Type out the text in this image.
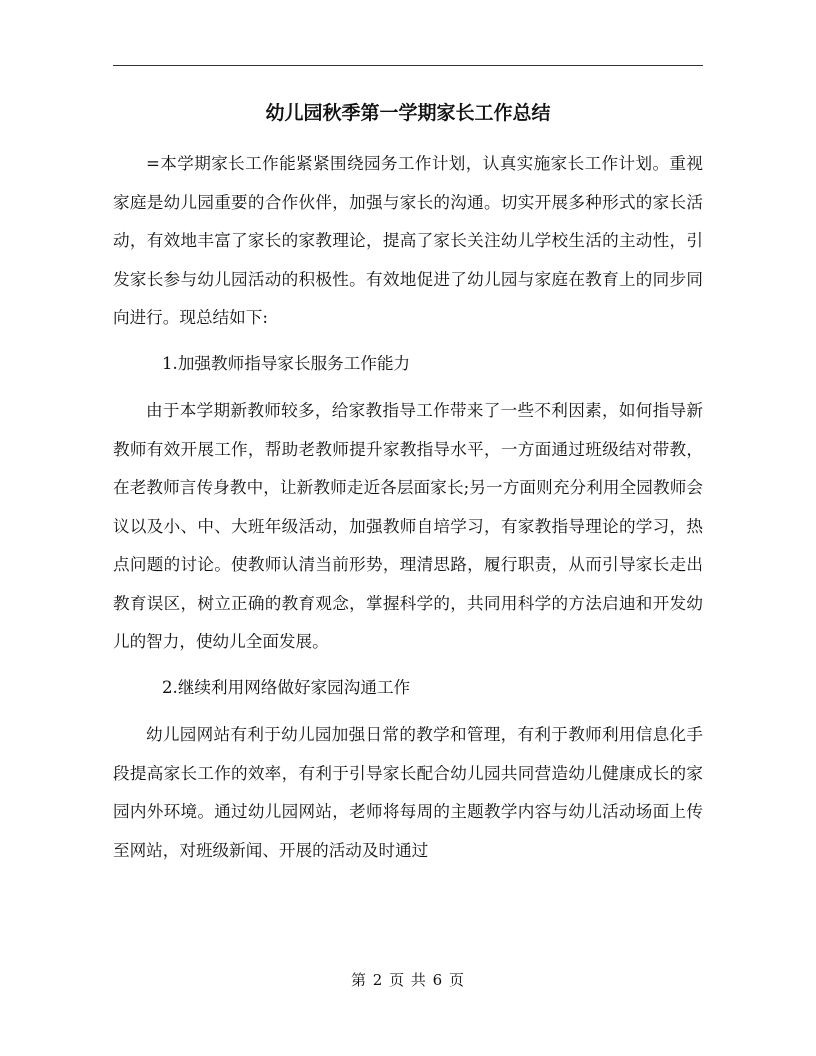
幼儿园秋季第一学期家长工作总结

=本学期家长工作能紧紧围绕园务工作计划，认真实施家长工作计划。重视家庭是幼儿园重要的合作伙伴，加强与家长的沟通。切实开展多种形式的家长活动，有效地丰富了家长的家教理论，提高了家长关注幼儿学校生活的主动性，引发家长参与幼儿园活动的积极性。有效地促进了幼儿园与家庭在教育上的同步同向进行。现总结如下:

1.加强教师指导家长服务工作能力

由于本学期新教师较多，给家教指导工作带来了一些不利因素，如何指导新教师有效开展工作，帮助老教师提升家教指导水平，一方面通过班级结对带教，在老教师言传身教中，让新教师走近各层面家长;另一方面则充分利用全园教师会议以及小、中、大班年级活动，加强教师自培学习，有家教指导理论的学习，热点问题的讨论。使教师认清当前形势，理清思路，履行职责，从而引导家长走出教育误区，树立正确的教育观念，掌握科学的，共同用科学的方法启迪和开发幼儿的智力，使幼儿全面发展。

2.继续利用网络做好家园沟通工作

幼儿园网站有利于幼儿园加强日常的教学和管理，有利于教师利用信息化手段提高家长工作的效率，有利于引导家长配合幼儿园共同营造幼儿健康成长的家园内外环境。通过幼儿园网站，老师将每周的主题教学内容与幼儿活动场面上传至网站，对班级新闻、开展的活动及时通过

第 2 页 共 6 页
